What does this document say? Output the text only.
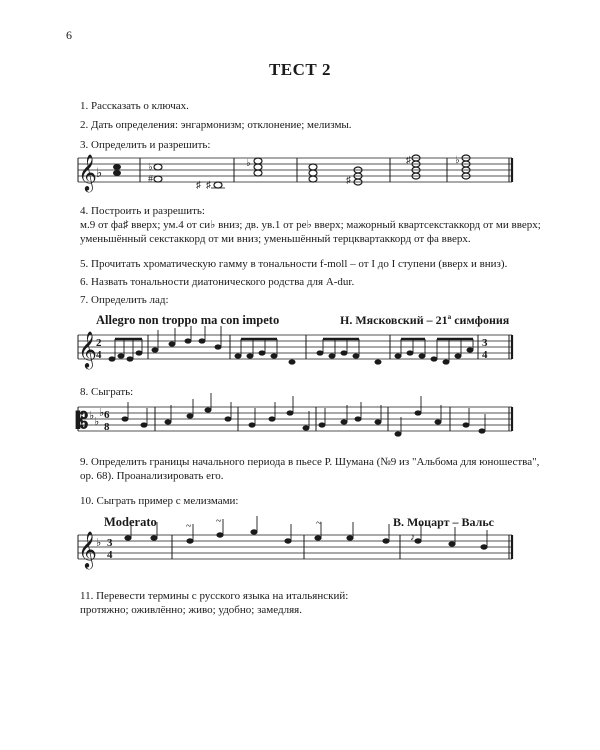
6
ТЕСТ 2
1. Рассказать о ключах.
2. Дать определения: энгармонизм; отклонение; мелизмы.
3. Определить и разрешить:
4. Построить и разрешить:
м.9 от фа♯ вверх; ум.4 от си♭ вниз; дв. ув.1 от ре♭ вверх; мажорный квартсекстаккорд от ми вверх;
уменьшённый секстаккорд от ми вниз; уменьшённый терцквартаккорд от фа вверх.
5. Прочитать хроматическую гамму в тональности f-moll – от I до I ступени (вверх и вниз).
6. Назвать тональности диатонического родства для A-dur.
7. Определить лад:
Allegro non troppo ma con impeto	Н. Мясковский – 21ª симфония
8. Сыграть:
9. Определить границы начального периода в пьесе Р. Шумана (№9 из "Альбома для юношества",
ор. 68). Проанализировать его.
10. Сыграть пример с мелизмами:
Moderato	В. Моцарт – Вальс
11. Перевести термины с русского языка на итальянский:
протяжно; оживлённо; живо; удобно; замедляя.
𝄞 ♭	#
♭
♯ ♯
♭
♯
♯	♭
𝄞 2
4
3
4
𝄡 ♭ ♭
♭ 6
8
𝄞 ♭ 3
4
~ ~	~
♪
